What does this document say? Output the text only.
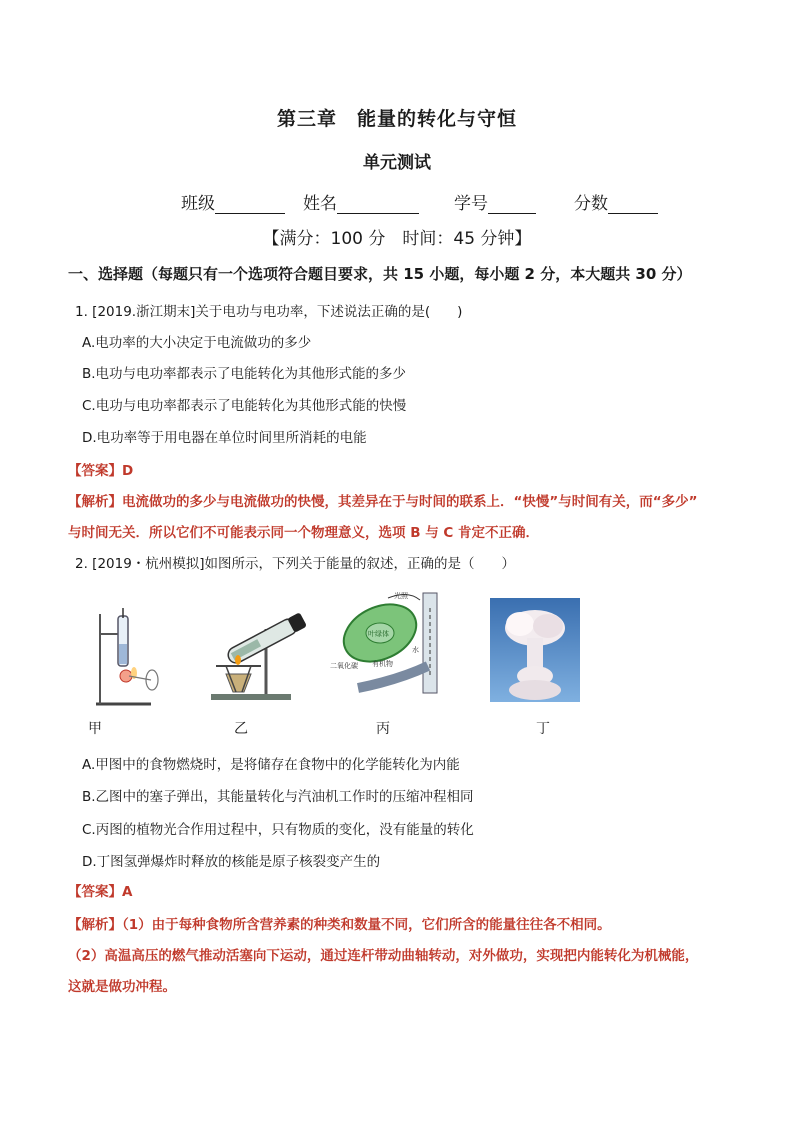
第三章　能量的转化与守恒
单元测试
班级	姓名	学号	分数
【满分：100 分　时间：45 分钟】
一、选择题（每题只有一个选项符合题目要求，共 15 小题，每小题 2 分，本大题共 30 分）
1. [2019.浙江期末]关于电功与电功率，下述说法正确的是(　　)
A.电功率的大小决定于电流做功的多少
B.电功与电功率都表示了电能转化为其他形式能的多少
C.电功与电功率都表示了电能转化为其他形式能的快慢
D.电功率等于用电器在单位时间里所消耗的电能
【答案】D
【解析】电流做功的多少与电流做功的快慢，其差异在于与时间的联系上．“快慢”与时间有关，而“多少”
与时间无关．所以它们不可能表示同一个物理意义，选项 B 与 C 肯定不正确．
2. [2019・杭州模拟]如图所示，下列关于能量的叙述，正确的是（　　）
光照
叶绿体
二氧化碳 有机物
水
甲	乙	丙	丁
A.甲图中的食物燃烧时，是将储存在食物中的化学能转化为内能
B.乙图中的塞子弹出，其能量转化与汽油机工作时的压缩冲程相同
C.丙图的植物光合作用过程中，只有物质的变化，没有能量的转化
D.丁图氢弹爆炸时释放的核能是原子核裂变产生的
【答案】A
【解析】（1）由于每种食物所含营养素的种类和数量不同，它们所含的能量往往各不相同。
（2）高温高压的燃气推动活塞向下运动，通过连杆带动曲轴转动，对外做功，实现把内能转化为机械能，
这就是做功冲程。
